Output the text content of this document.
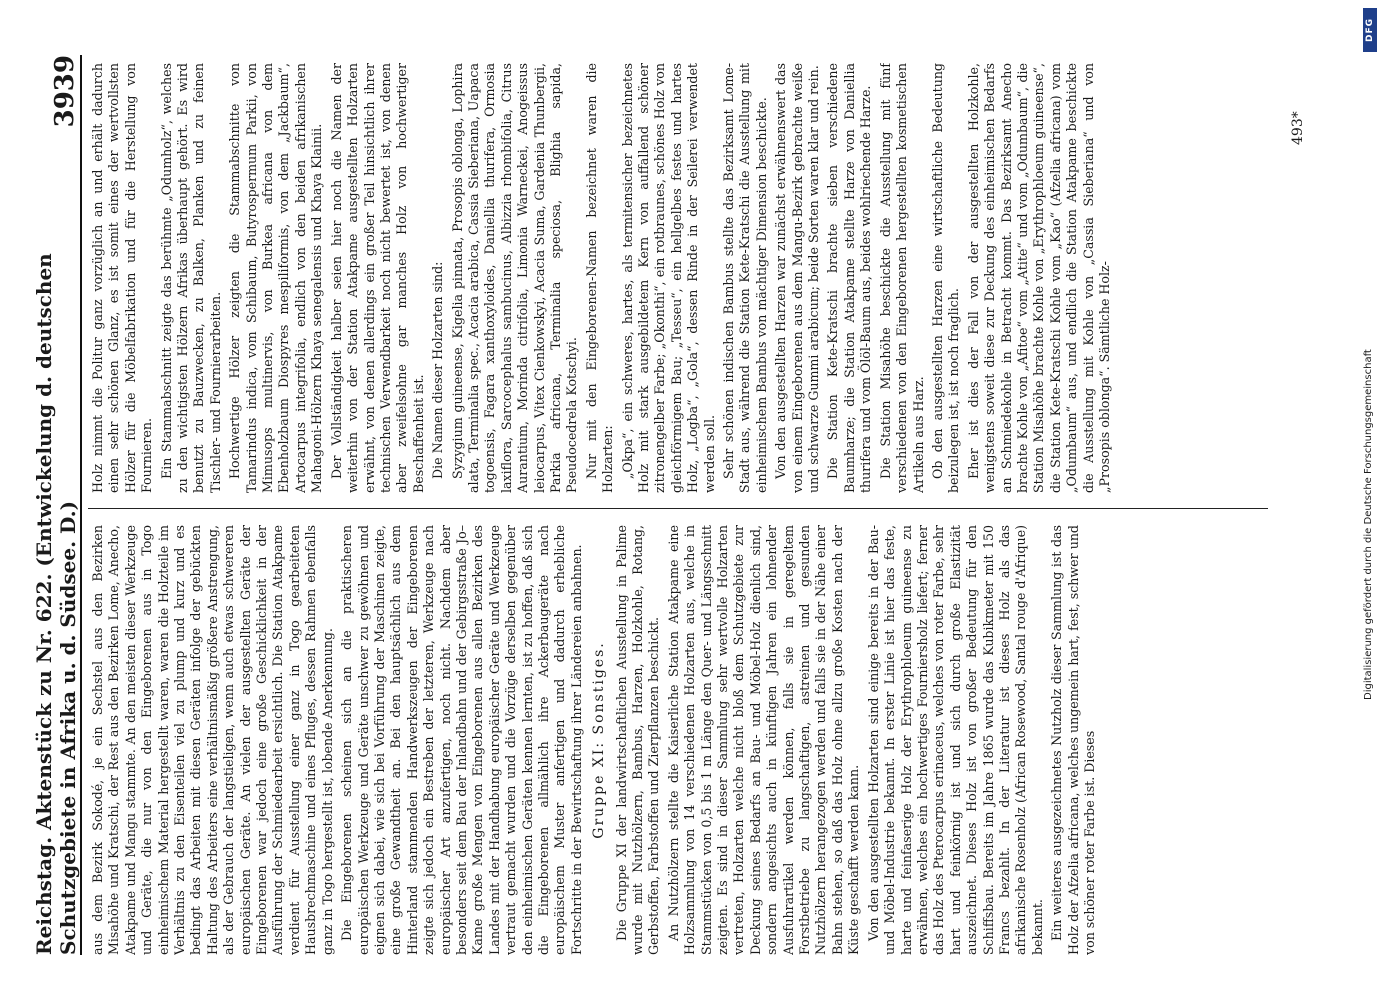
Reichstag. Aktenstück zu Nr. 622. (Entwickelung d. deutschen Schutzgebiete in Afrika u. d. Südsee. D.)
3939

aus dem Bezirk Sokodé, je ein Sechstel aus den Bezirken Misahöhe und Kratschi, der Rest aus den Bezirken Lome, Anecho, Atakpame und Mangu stammte. An den meisten dieser Werkzeuge und Geräte, die nur von den Eingeborenen aus in Togo einheimischem Material hergestellt waren, waren die Holzteile im Verhältnis zu den Eisenteilen viel zu plump und kurz und es bedingt das Arbeiten mit diesen Geräten infolge der gebückten Haltung des Arbeiters eine verhältnismäßig größere Anstrengung, als der Gebrauch der langstieligen, wenn auch etwas schwereren europäischen Geräte. An vielen der ausgestellten Geräte der Eingeborenen war jedoch eine große Geschicklichkeit in der Ausführung der Schmiedearbeit ersichtlich. Die Station Atakpame verdient für Ausstellung einer ganz in Togo gearbeiteten Hausbrechmaschine und eines Pfluges, dessen Rahmen ebenfalls ganz in Togo hergestellt ist, lobende Anerkennung. Die Eingeborenen scheinen sich an die praktischeren europäischen Werkzeuge und Geräte unschwer zu gewöhnen und eignen sich dabei, wie sich bei Vorführung der Maschinen zeigte, eine große Gewandtheit an. Bei den hauptsächlich aus dem Hinterland stammenden Handwerkszeugen der Eingeborenen zeigte sich jedoch ein Bestreben der letzteren, Werkzeuge nach europäischer Art anzufertigen, noch nicht. Nachdem aber besonders seit dem Bau der Inlandbahn und der Gebirgsstraße Jo–Kame große Mengen von Eingeborenen aus allen Bezirken des Landes mit der Handhabung europäischer Geräte und Werkzeuge vertraut gemacht wurden und die Vorzüge derselben gegenüber den einheimischen Geräten kennen lernten, ist zu hoffen, daß sich die Eingeborenen allmählich ihre Ackerbaugeräte nach europäischem Muster anfertigen und dadurch erhebliche Fortschritte in der Bewirtschaftung ihrer Ländereien anbahnen. Gruppe XI: Sonstiges. Die Gruppe XI der landwirtschaftlichen Ausstellung in Palime wurde mit Nutzhölzern, Bambus, Harzen, Holzkohle, Rotang, Gerbstoffen, Farbstoffen und Zierpflanzen beschickt. An Nutzhölzern stellte die Kaiserliche Station Atakpame eine Holzsammlung von 14 verschiedenen Holzarten aus, welche in Stammstücken von 0,5 bis 1 m Länge den Quer- und Längsschnitt zeigten. Es sind in dieser Sammlung sehr wertvolle Holzarten vertreten, Holzarten welche nicht bloß dem Schutzgebiete zur Deckung seines Bedarfs an Bau- und Möbel-Holz dienlich sind, sondern angesichts auch in künftigen Jahren ein lohnender Ausfuhrartikel werden können, falls sie in geregeltem Forstbetriebe zu langschaftigen, astreinen und gesunden Nutzhölzern herangezogen werden und falls sie in der Nähe einer Bahn stehen, so daß das Holz ohne allzu große Kosten nach der Küste geschafft werden kann. Von den ausgestellten Holzarten sind einige bereits in der Bau- und Möbel-Industrie bekannt. In erster Linie ist hier das feste, harte und feinfaserige Holz der Erythrophloeum guineense zu erwähnen, welches ein hochwertiges Fourniersholz liefert; ferner das Holz des Pterocarpus erinaceus, welches von roter Farbe, sehr hart und feinkörnig ist und sich durch große Elastizität auszeichnet. Dieses Holz ist von großer Bedeutung für den Schiffsbau. Bereits im Jahre 1865 wurde das Kubikmeter mit 150 Francs bezahlt. In der Literatur ist dieses Holz als das afrikanische Rosenholz (African Rosewood, Santal rouge d'Afrique) bekannt. Ein weiteres ausgezeichnetes Nutzholz dieser Sammlung ist das Holz der Afzelia africana, welches ungemein hart, fest, schwer und von schöner roter Farbe ist. Dieses

Holz nimmt die Politur ganz vorzüglich an und erhält dadurch einen sehr schönen Glanz, es ist somit eines der wertvollsten Hölzer für die Möbelfabrikation und für die Herstellung von Fournieren. Ein Stammabschnitt zeigte das berühmte „Odumholz“, welches zu den wichtigsten Hölzern Afrikas überhaupt gehört. Es wird benutzt zu Bauzwecken, zu Balken, Planken und zu feinen Tischler- und Fournierarbeiten. Hochwertige Hölzer zeigten die Stammabschnitte von Tamarindus indica, vom Schibaum, Butyrospermum Parkii, von Mimusops multinervis, von Burkea africana von dem Ebenholzbaum Diospyres mespiliformis, von dem „Jackbaum“, Artocarpus integrifolia, endlich von den beiden afrikanischen Mahagoni-Hölzern Khaya senegalensis und Khaya Klainii. Der Vollständigkeit halber seien hier noch die Namen der weiterhin von der Station Atakpame ausgestellten Holzarten erwähnt, von denen allerdings ein großer Teil hinsichtlich ihrer technischen Verwendbarkeit noch nicht bewertet ist, von denen aber zweifelsohne gar manches Holz von hochwertiger Beschaffenheit ist. Die Namen dieser Holzarten sind: Syzygium guineense, Kigelia pinnata, Prosopis oblonga, Lophira alata, Terminalia spec., Acacia arabica, Cassia Sieberiana, Uapaca togoensis, Fagara xanthoxyloides, Daniellia thurifera, Ormosia laxiflora, Sarcocephalus sambucinus, Albizzia rhombifolia, Citrus Aurantium, Morinda citrifolia, Limonia Warneckei, Anogeissus leiocarpus, Vitex Cienkowskyi, Acacia Suma, Gardenia Thunbergii, Parkia africana, Terminalia speciosa, Blighia sapida, Pseudocedrela Kotschyi. Nur mit den Eingeborenen-Namen bezeichnet waren die Holzarten: „Okpa“, ein schweres, hartes, als termitensicher bezeichnetes Holz mit stark ausgebildetem Kern von auffallend schöner zitronengelber Farbe; „Okonthi“, ein rotbraunes, schönes Holz von gleichförmigem Bau; „Tesseu“, ein hellgelbes festes und hartes Holz, „Logba“, „Gola“, dessen Rinde in der Seilerei verwendet werden soll. Sehr schönen indischen Bambus stellte das Bezirksamt Lome-Stadt aus, während die Station Kete-Kratschi die Ausstellung mit einheimischem Bambus von mächtiger Dimension beschickte. Von den ausgestellten Harzen war zunächst erwähnenswert das von einem Eingeborenen aus dem Mangu-Bezirk gebrachte weiße und schwarze Gummi arabicum; beide Sorten waren klar und rein. Die Station Kete-Kratschi brachte sieben verschiedene Baumharze; die Station Atakpame stellte Harze von Daniellia thurifera und vom Ölöl-Baum aus, beides wohlriechende Harze. Die Station Misahöhe beschickte die Ausstellung mit fünf verschiedenen von den Eingeborenen hergestellten kosmetischen Artikeln aus Harz. Ob den ausgestellten Harzen eine wirtschaftliche Bedeutung beizulegen ist, ist noch fraglich. Eher ist dies der Fall von der ausgestellten Holzkohle, wenigstens soweit diese zur Deckung des einheimischen Bedarfs an Schmiedekohle in Betracht kommt. Das Bezirksamt Anecho brachte Kohle von „Afitoe“ vom „Atite“ und vom „Odumbaum“, die Station Misahöhe brachte Kohle von „Erythrophloeum guineense“, die Station Kete-Kratschi Kohle vom „Kao“ (Afzelia africana) vom „Odumbaum“ aus, und endlich die Station Atakpame beschickte die Ausstellung mit Kohle von „Cassia Sieberiana“ und von „Prosopis oblonga“. Sämtliche Holz-

493*
DFG
Digitalisierung gefördert durch die Deutsche Forschungsgemeinschaft
